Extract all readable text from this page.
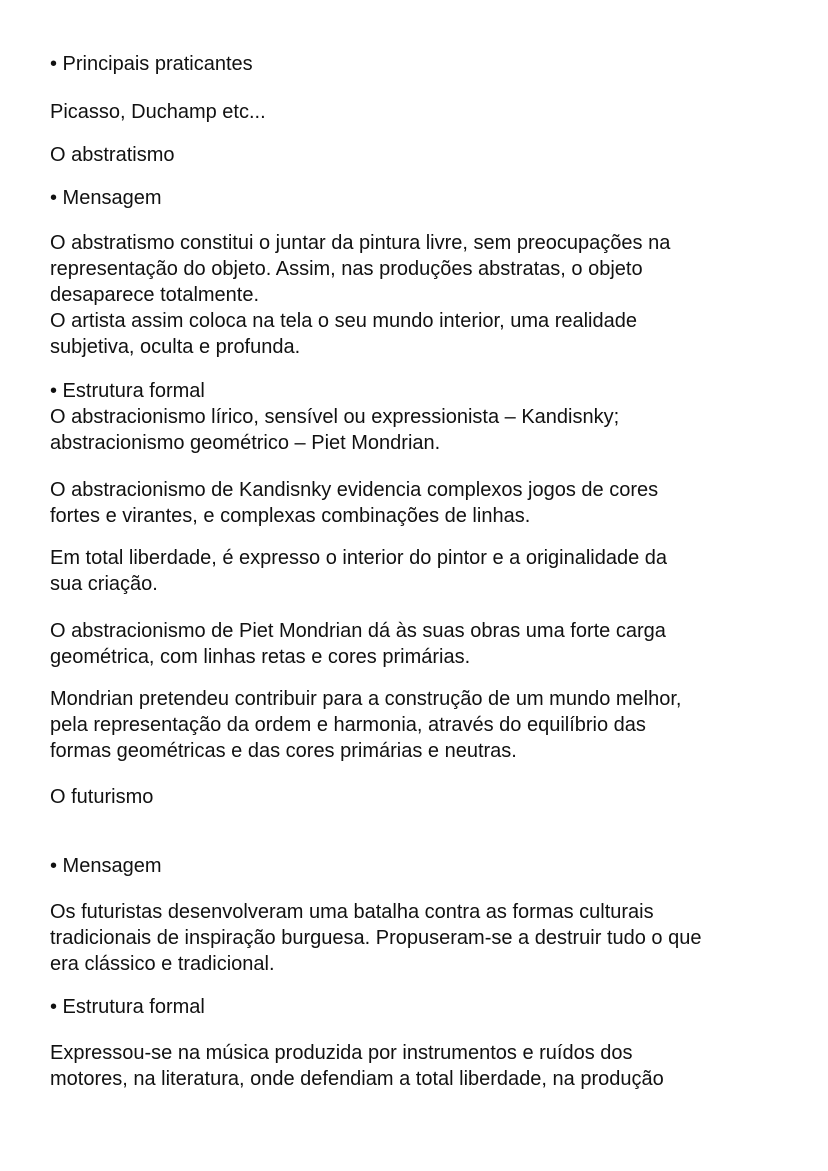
• Principais praticantes
Picasso, Duchamp etc...
O abstratismo
• Mensagem
O abstratismo constitui o juntar da pintura livre, sem preocupações na
representação do objeto. Assim, nas produções abstratas, o objeto
desaparece totalmente.
O artista assim coloca na tela o seu mundo interior, uma realidade
subjetiva, oculta e profunda.
• Estrutura formal
O abstracionismo lírico, sensível ou expressionista – Kandisnky;
abstracionismo geométrico – Piet Mondrian.
O abstracionismo de Kandisnky evidencia complexos jogos de cores
fortes e virantes, e complexas combinações de linhas.
Em total liberdade, é expresso o interior do pintor e a originalidade da
sua criação.
O abstracionismo de Piet Mondrian dá às suas obras uma forte carga
geométrica, com linhas retas e cores primárias.
Mondrian pretendeu contribuir para a construção de um mundo melhor,
pela representação da ordem e harmonia, através do equilíbrio das
formas geométricas e das cores primárias e neutras.
O futurismo
• Mensagem
Os futuristas desenvolveram uma batalha contra as formas culturais
tradicionais de inspiração burguesa. Propuseram-se a destruir tudo o que
era clássico e tradicional.
• Estrutura formal
Expressou-se na música produzida por instrumentos e ruídos dos
motores, na literatura, onde defendiam a total liberdade, na produção
